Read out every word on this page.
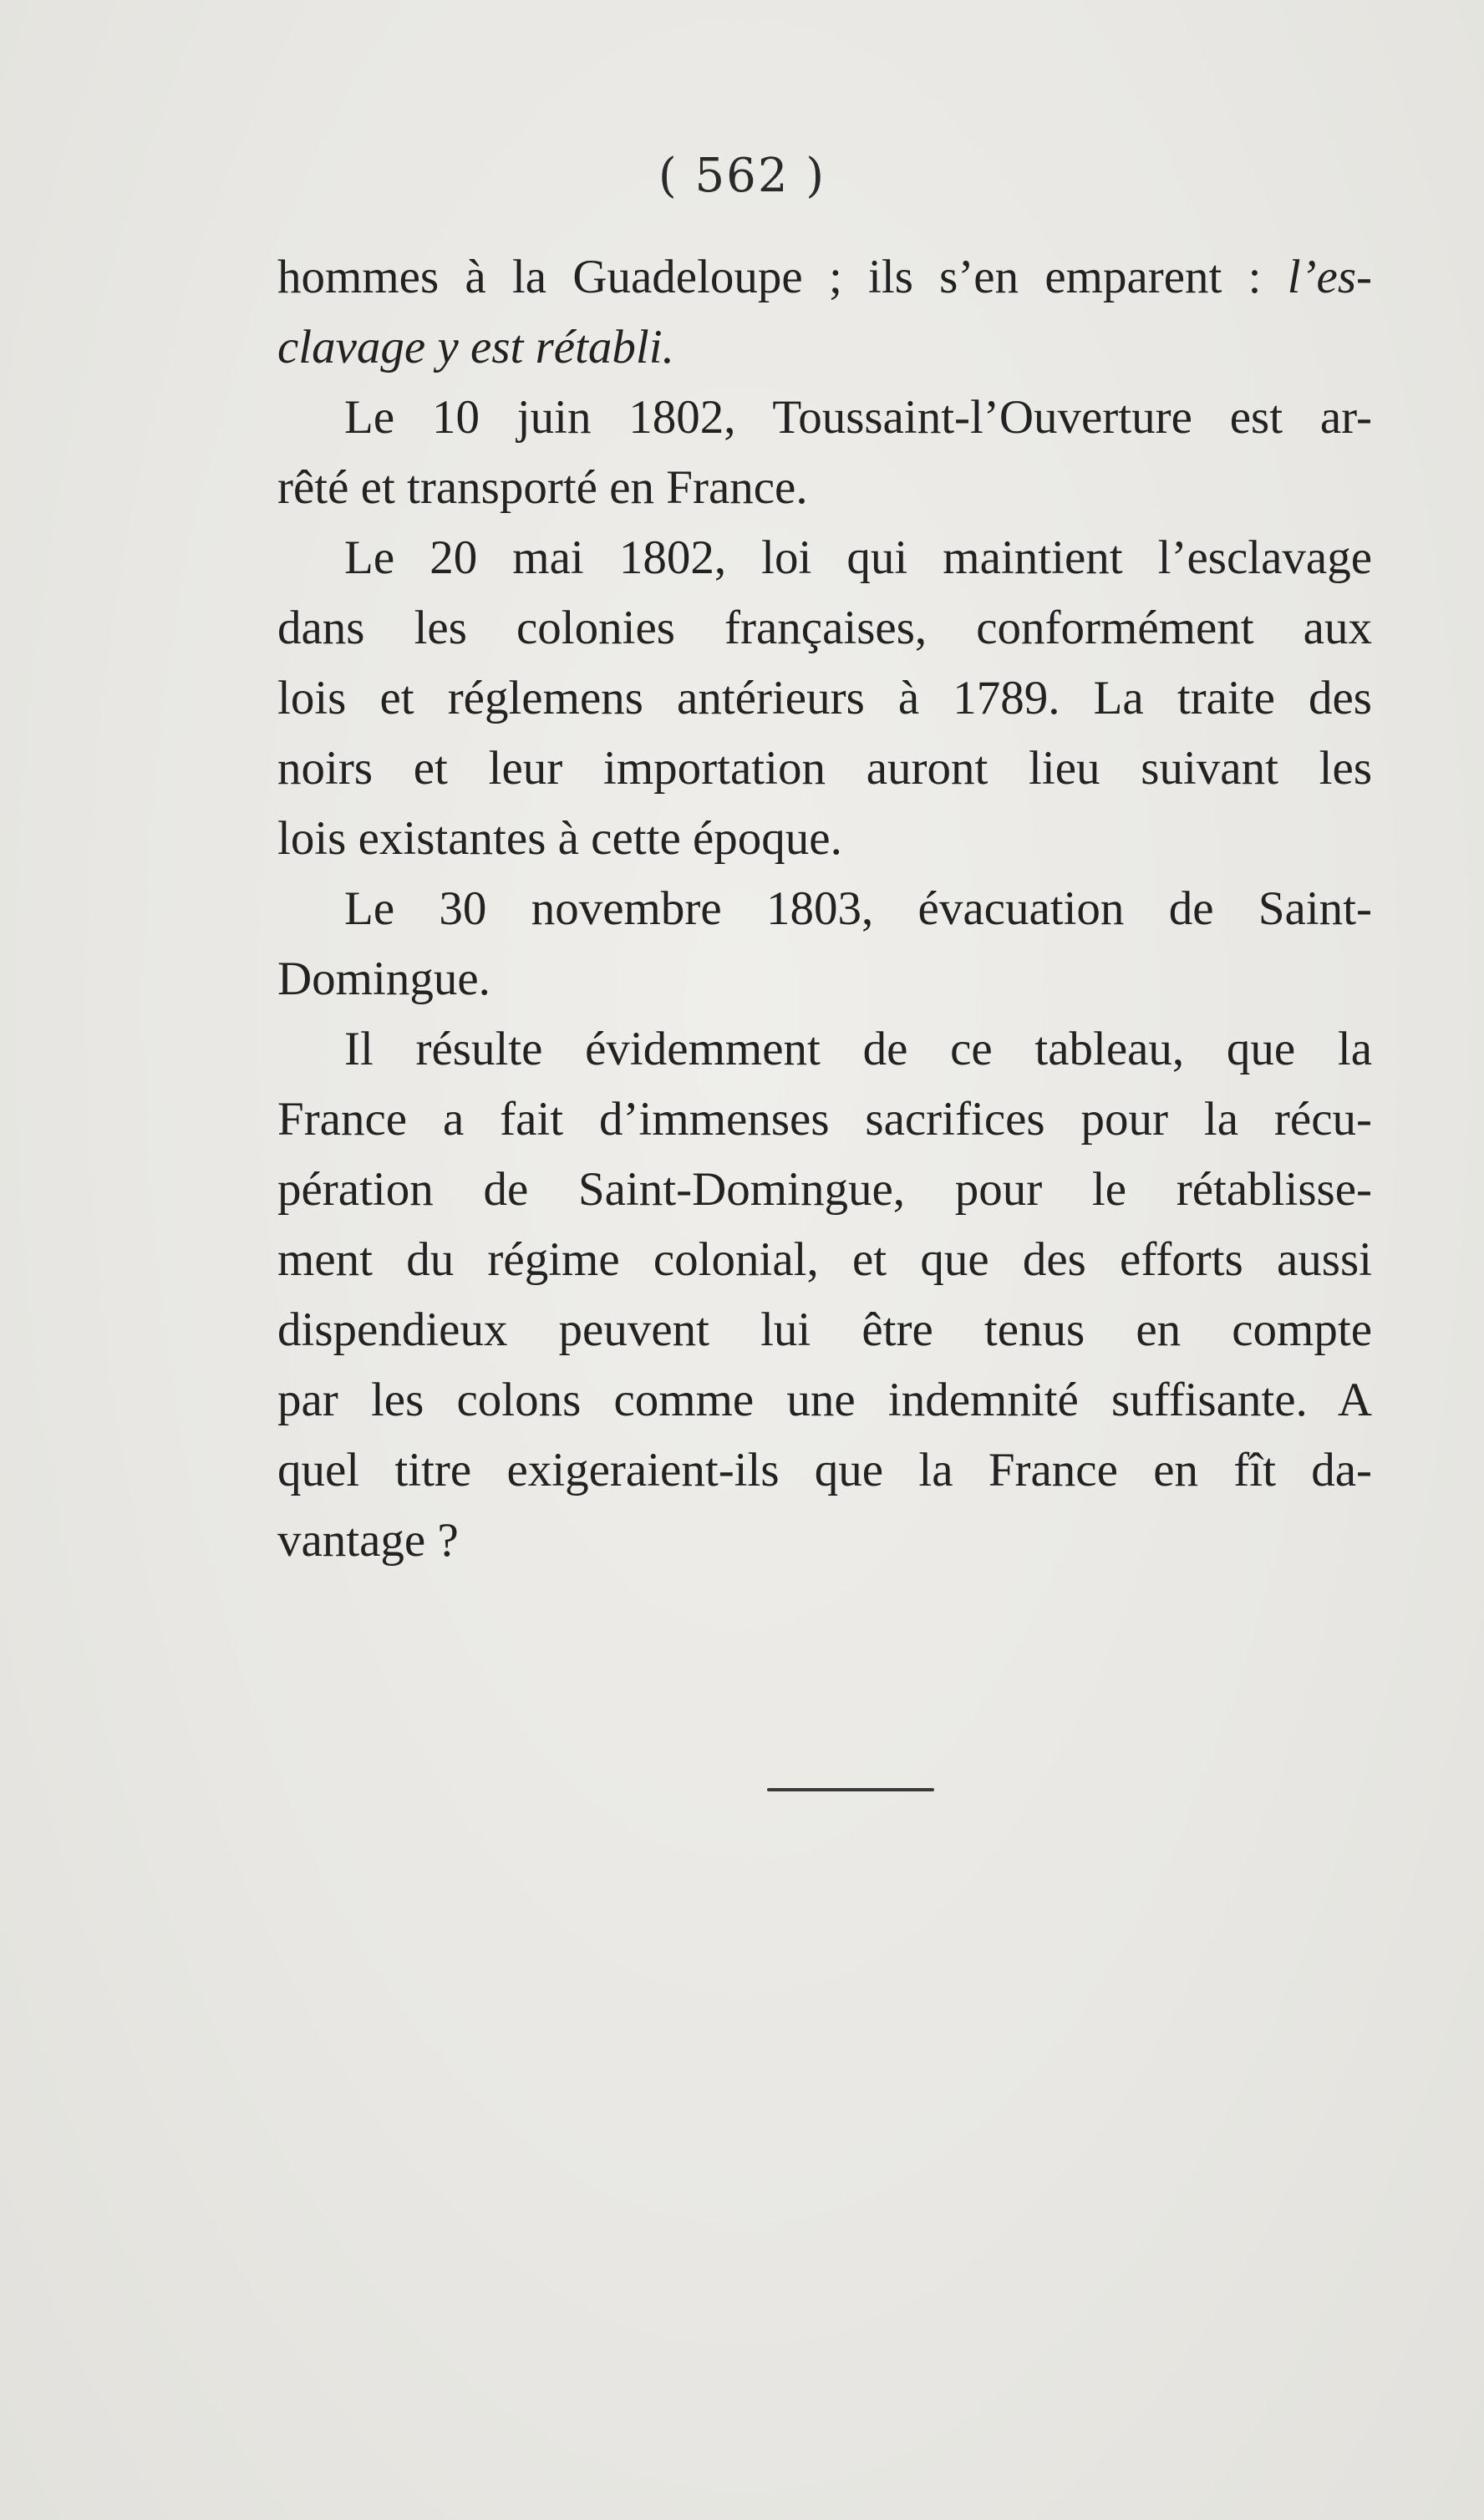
( 562 )
hommes à la Guadeloupe ; ils s’en emparent : l’es-
clavage y est rétabli.
Le 10 juin 1802, Toussaint-l’Ouverture est ar-
rêté et transporté en France.
Le 20 mai 1802, loi qui maintient l’esclavage
dans les colonies françaises, conformément aux
lois et réglemens antérieurs à 1789. La traite des
noirs et leur importation auront lieu suivant les
lois existantes à cette époque.
Le 30 novembre 1803, évacuation de Saint-
Domingue.
Il résulte évidemment de ce tableau, que la
France a fait d’immenses sacrifices pour la récu-
pération de Saint-Domingue, pour le rétablisse-
ment du régime colonial, et que des efforts aussi
dispendieux peuvent lui être tenus en compte
par les colons comme une indemnité suffisante. A
quel titre exigeraient-ils que la France en fît da-
vantage ?
